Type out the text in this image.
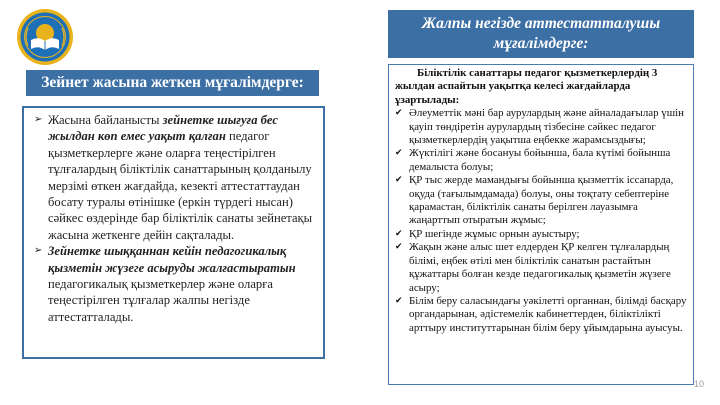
Зейнет жасына жеткен мұғалімдерге:

➢ Жасына байланысты зейнетке шығуға бес жылдан көп емес уақыт қалған педагог қызметкерлерге және оларға теңестірілген тұлғалардың біліктілік санаттарының қолданылу мерзімі өткен жағдайда, кезекті аттестаттаудан босату туралы өтінішке (еркін түрдегі нысан) сәйкес өздерінде бар біліктілік санаты зейнетақы жасына жеткенге дейін сақталады.

➢ Зейнетке шыққаннан кейін педагогикалық қызметін жүзеге асыруды жалғастыратын педагогикалық қызметкерлер және оларға теңестірілген тұлғалар жалпы негізде аттестатталады.

Жалпы негізде аттестатталушы мұғалімдерге:

Біліктілік санаттары педагог қызметкерлердің 3 жылдан аспайтын уақытқа келесі жағдайларда ұзартылады:

✔ Әлеуметтік мәні бар аурулардың және айналадағылар үшін қауіп төндіретін аурулардың тізбесіне сәйкес педагог қызметкерлердің уақытша еңбекке жарамсыздығы;

✔ Жүктілігі және босануы бойынша, бала күтімі бойынша демалыста болуы;

✔ ҚР тыс жерде мамандығы бойынша қызметтік іссапарда, оқуда (тағылымдамада) болуы, оны тоқтату себептеріне қарамастан, біліктілік санаты берілген лауазымға жаңарттып отыратын жұмыс;

✔ ҚР шегінде жұмыс орнын ауыстыру;

✔ Жақын және алыс шет елдерден ҚР келген тұлғалардың білімі, еңбек өтілі мен біліктілік санатын растайтын құжаттары болған кезде педагогикалық қызметін жүзеге асыру;

✔ Білім беру саласындағы уәкілетті органнан, білімді басқару органдарынан, әдістемелік кабинеттерден, біліктілікті арттыру институттарынан білім беру ұйымдарына ауысуы.

10
